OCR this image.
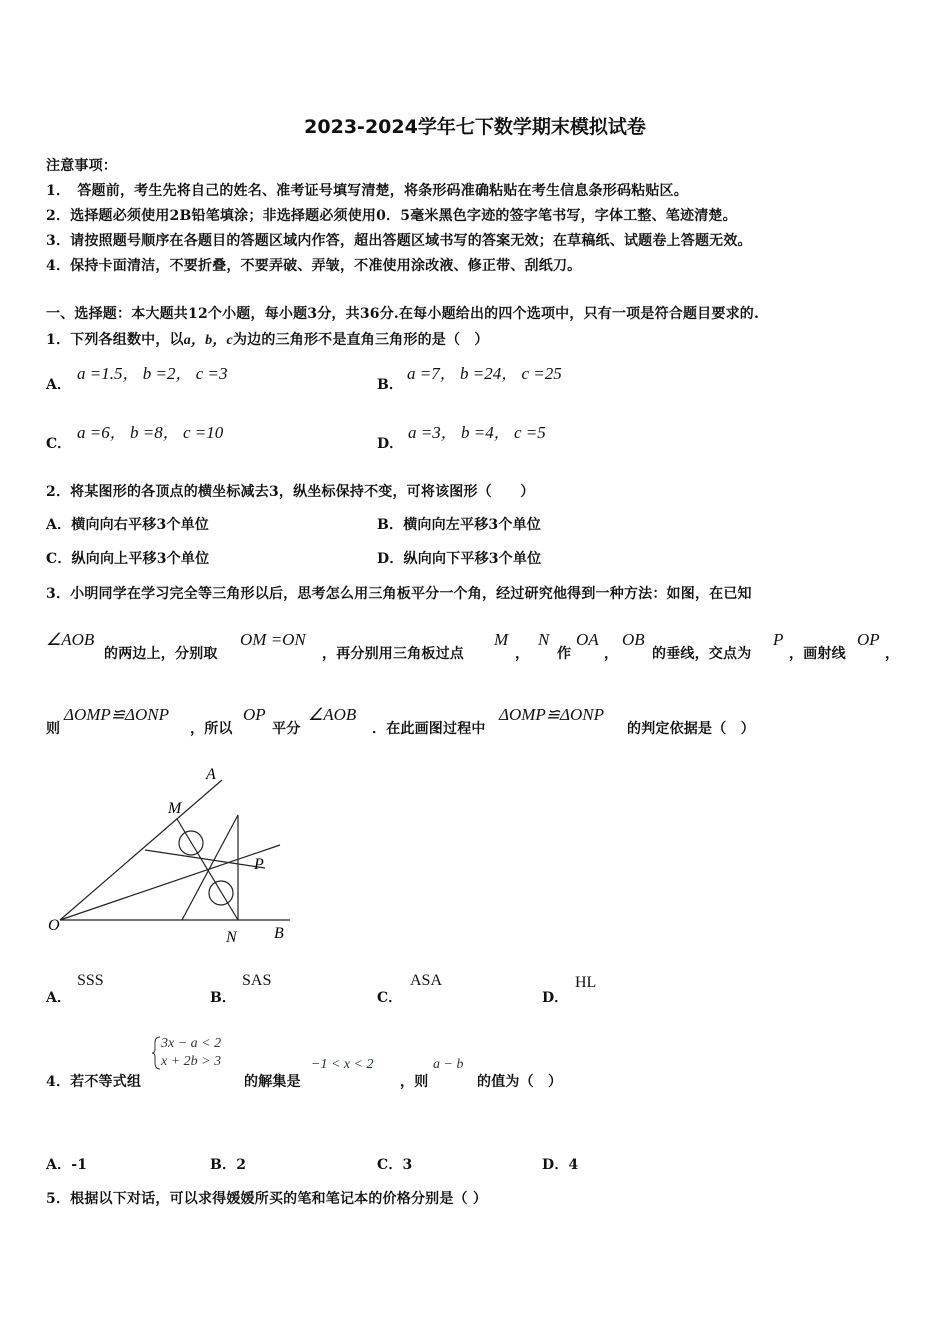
2023-2024学年七下数学期末模拟试卷
注意事项：
1．　答题前，考生先将自己的姓名、准考证号填写清楚，将条形码准确粘贴在考生信息条形码粘贴区。
2．选择题必须使用2B铅笔填涂；非选择题必须使用0．5毫米黑色字迹的签字笔书写，字体工整、笔迹清楚。
3．请按照题号顺序在各题目的答题区域内作答，超出答题区域书写的答案无效；在草稿纸、试题卷上答题无效。
4．保持卡面清洁，不要折叠，不要弄破、弄皱，不准使用涂改液、修正带、刮纸刀。
一、选择题：本大题共12个小题，每小题3分，共36分.在每小题给出的四个选项中，只有一项是符合题目要求的.
1．下列各组数中，以a，b，c为边的三角形不是直角三角形的是（　）
A．
a =1.5， b =2， c =3
B．
a =7， b =24， c =25
C．
a =6， b =8， c =10
D．
a =3， b =4， c =5
2．将某图形的各顶点的横坐标减去3，纵坐标保持不变，可将该图形（　　）
A．横向向右平移3个单位	B．横向向左平移3个单位
C．纵向向上平移3个单位	D．纵向向下平移3个单位
3．小明同学在学习完全等三角形以后，思考怎么用三角板平分一个角，经过研究他得到一种方法：如图，在已知
∠AOB
的两边上，分别取
OM =ON
，再分别用三角板过点
M
，
N
作
OA
，
OB
的垂线，交点为
P
，画射线
OP
，
则
ΔOMP≌ΔONP
，所以
OP
平分
∠AOB
．在此画图过程中
ΔOMP≌ΔONP
的判定依据是（　）
A
M
P
O
N B
A．
SSS
B．
SAS
C．
ASA
D．
HL
4．若不等式组
3x − a < 2
x + 2b > 3
的解集是
−1 < x < 2
，则
a − b
的值为（　）
A．-1	B．2	C．3	D．4
5．根据以下对话，可以求得媛媛所买的笔和笔记本的价格分别是（ ）
